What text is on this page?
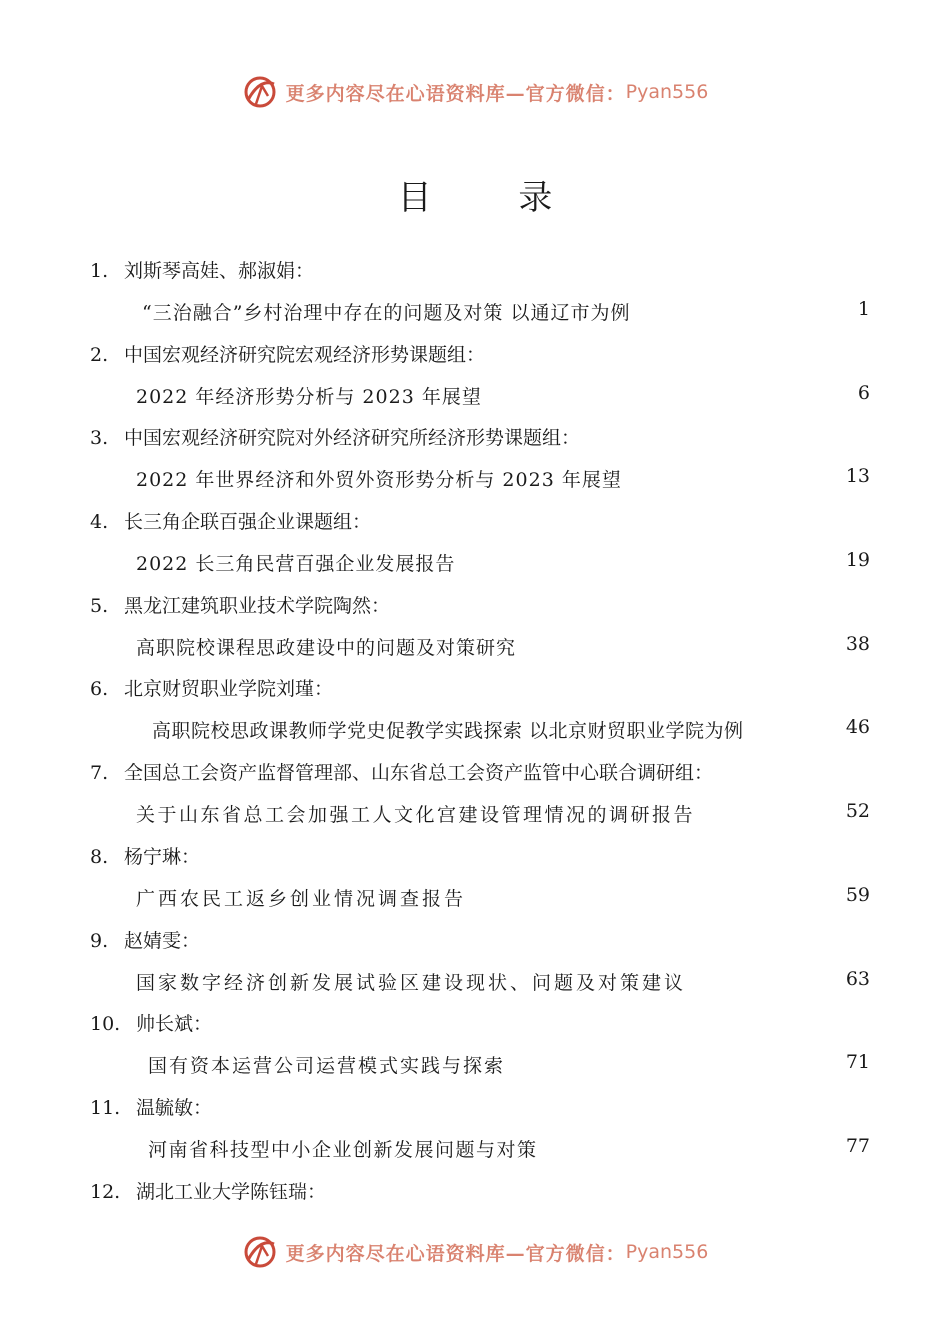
更多内容尽在心语资料库—官方微信： Pyan556
目 录
1. 刘斯琴高娃、郝淑娟：
“三治融合”乡村治理中存在的问题及对策 以通辽市为例	1
2. 中国宏观经济研究院宏观经济形势课题组：
2022 年经济形势分析与 2023 年展望	6
3. 中国宏观经济研究院对外经济研究所经济形势课题组：
2022 年世界经济和外贸外资形势分析与 2023 年展望	13
4. 长三角企联百强企业课题组：
2022 长三角民营百强企业发展报告	19
5. 黑龙江建筑职业技术学院陶然：
高职院校课程思政建设中的问题及对策研究	38
6. 北京财贸职业学院刘瑾：
高职院校思政课教师学党史促教学实践探索 以北京财贸职业学院为例	46
7. 全国总工会资产监督管理部、山东省总工会资产监管中心联合调研组：
关于山东省总工会加强工人文化宫建设管理情况的调研报告	52
8. 杨宁琳：
广西农民工返乡创业情况调查报告	59
9. 赵婧雯：
国家数字经济创新发展试验区建设现状、问题及对策建议	63
10. 帅长斌：
国有资本运营公司运营模式实践与探索	71
11. 温毓敏：
河南省科技型中小企业创新发展问题与对策	77
12. 湖北工业大学陈钰瑞：
更多内容尽在心语资料库—官方微信： Pyan556
